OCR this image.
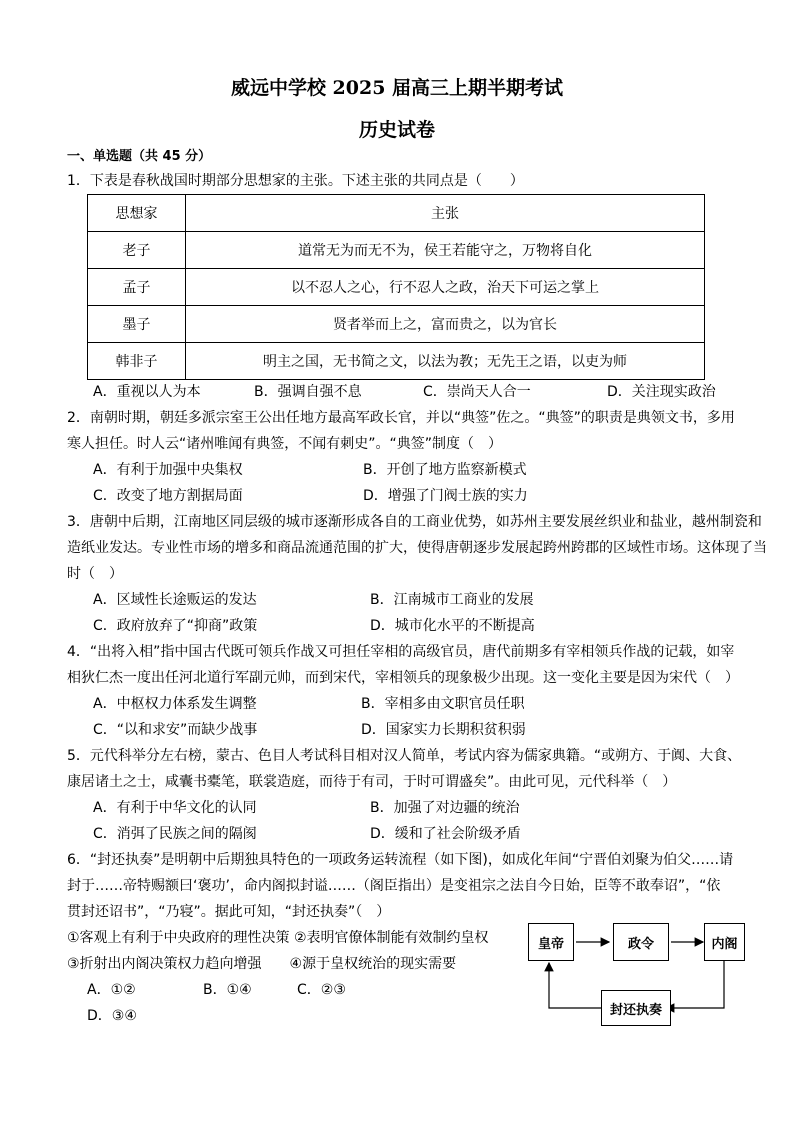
威远中学校 2025 届高三上期半期考试
历史试卷
一、单选题（共 45 分）
1．下表是春秋战国时期部分思想家的主张。下述主张的共同点是（　　）
思想家	主张
老子	道常无为而无不为，侯王若能守之，万物将自化
孟子	以不忍人之心，行不忍人之政，治天下可运之掌上
墨子	贤者举而上之，富而贵之，以为官长
韩非子	明主之国，无书简之文，以法为教；无先王之语，以吏为师
A．重视以人为本	B．强调自强不息	C．崇尚天人合一	D．关注现实政治
2．南朝时期，朝廷多派宗室王公出任地方最高军政长官，并以“典签”佐之。“典签”的职责是典领文书，多用
寒人担任。时人云“诸州唯闻有典签，不闻有刺史”。“典签”制度（　）
A．有利于加强中央集权	B．开创了地方监察新模式
C．改变了地方割据局面	D．增强了门阀士族的实力
3．唐朝中后期，江南地区同层级的城市逐渐形成各自的工商业优势，如苏州主要发展丝织业和盐业，越州制瓷和
造纸业发达。专业性市场的增多和商品流通范围的扩大，使得唐朝逐步发展起跨州跨郡的区域性市场。这体现了当
时（　）
A．区域性长途贩运的发达	B．江南城市工商业的发展
C．政府放弃了“抑商”政策	D．城市化水平的不断提高
4．“出将入相”指中国古代既可领兵作战又可担任宰相的高级官员，唐代前期多有宰相领兵作战的记载，如宰
相狄仁杰一度出任河北道行军副元帅，而到宋代，宰相领兵的现象极少出现。这一变化主要是因为宋代（　）
A．中枢权力体系发生调整	B．宰相多由文职官员任职
C．“以和求安”而缺少战事	D．国家实力长期积贫积弱
5．元代科举分左右榜，蒙古、色目人考试科目相对汉人简单，考试内容为儒家典籍。“或朔方、于阗、大食、
康居诸土之士，咸囊书橐笔，联裳造庭，而待于有司，于时可谓盛矣”。由此可见，元代科举（　）
A．有利于中华文化的认同	B．加强了对边疆的统治
C．消弭了民族之间的隔阂	D．缓和了社会阶级矛盾
6．“封还执奏”是明朝中后期独具特色的一项政务运转流程（如下图)，如成化年间“宁晋伯刘聚为伯父……请
封于……帝特赐额曰‘褒功’，命内阁拟封谥……（阁臣指出）是变祖宗之法自今日始，臣等不敢奉诏”，“依
贯封还诏书”，“乃寝”。据此可知，“封还执奏”（　）
①客观上有利于中央政府的理性决策 ②表明官僚体制能有效制约皇权
③折射出内阁决策权力趋向增强　　④源于皇权统治的现实需要
A．①②	B．①④	C．②③
D．③④
皇帝	政令	内阁
封还执奏
